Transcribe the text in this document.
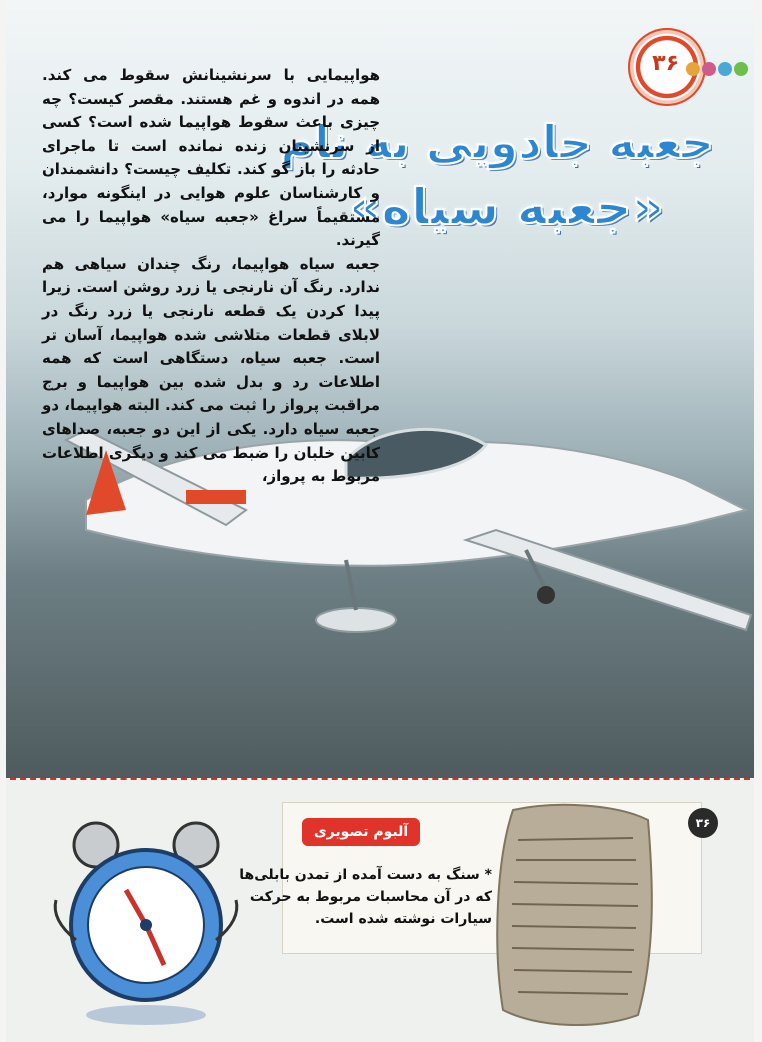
۳۶
جعبه جادویی به نام
«جعبه سیاه»

هواپیمایی با سرنشینانش سقوط می کند. همه در اندوه و غم هستند. مقصر کیست؟ چه چیزی باعث سقوط هواپیما شده است؟ کسی از سرنشینان زنده نمانده است تا ماجرای حادثه را باز گو کند. تکلیف چیست؟ دانشمندان و کارشناسان علوم هوایی در اینگونه موارد، مستقیماً سراغ «جعبه سیاه» هواپیما را می گیرند.

جعبه سیاه هواپیما، رنگ چندان سیاهی هم ندارد. رنگ آن نارنجی یا زرد روشن است. زیرا پیدا کردن یک قطعه نارنجی یا زرد رنگ در لابلای قطعات متلاشی شده هواپیما، آسان تر است. جعبه سیاه، دستگاهی است که همه اطلاعات رد و بدل شده بین هواپیما و برج مراقبت پرواز را ثبت می کند. البته هواپیما، دو جعبه سیاه دارد. یکی از این دو جعبه، صداهای کابین خلبان را ضبط می کند و دیگری اطلاعات مربوط به پرواز،

آلبوم تصویری

* سنگ به دست آمده از تمدن بابلی‌ها که در آن محاسبات مربوط به حرکت سیارات نوشته شده است.

۳۶
